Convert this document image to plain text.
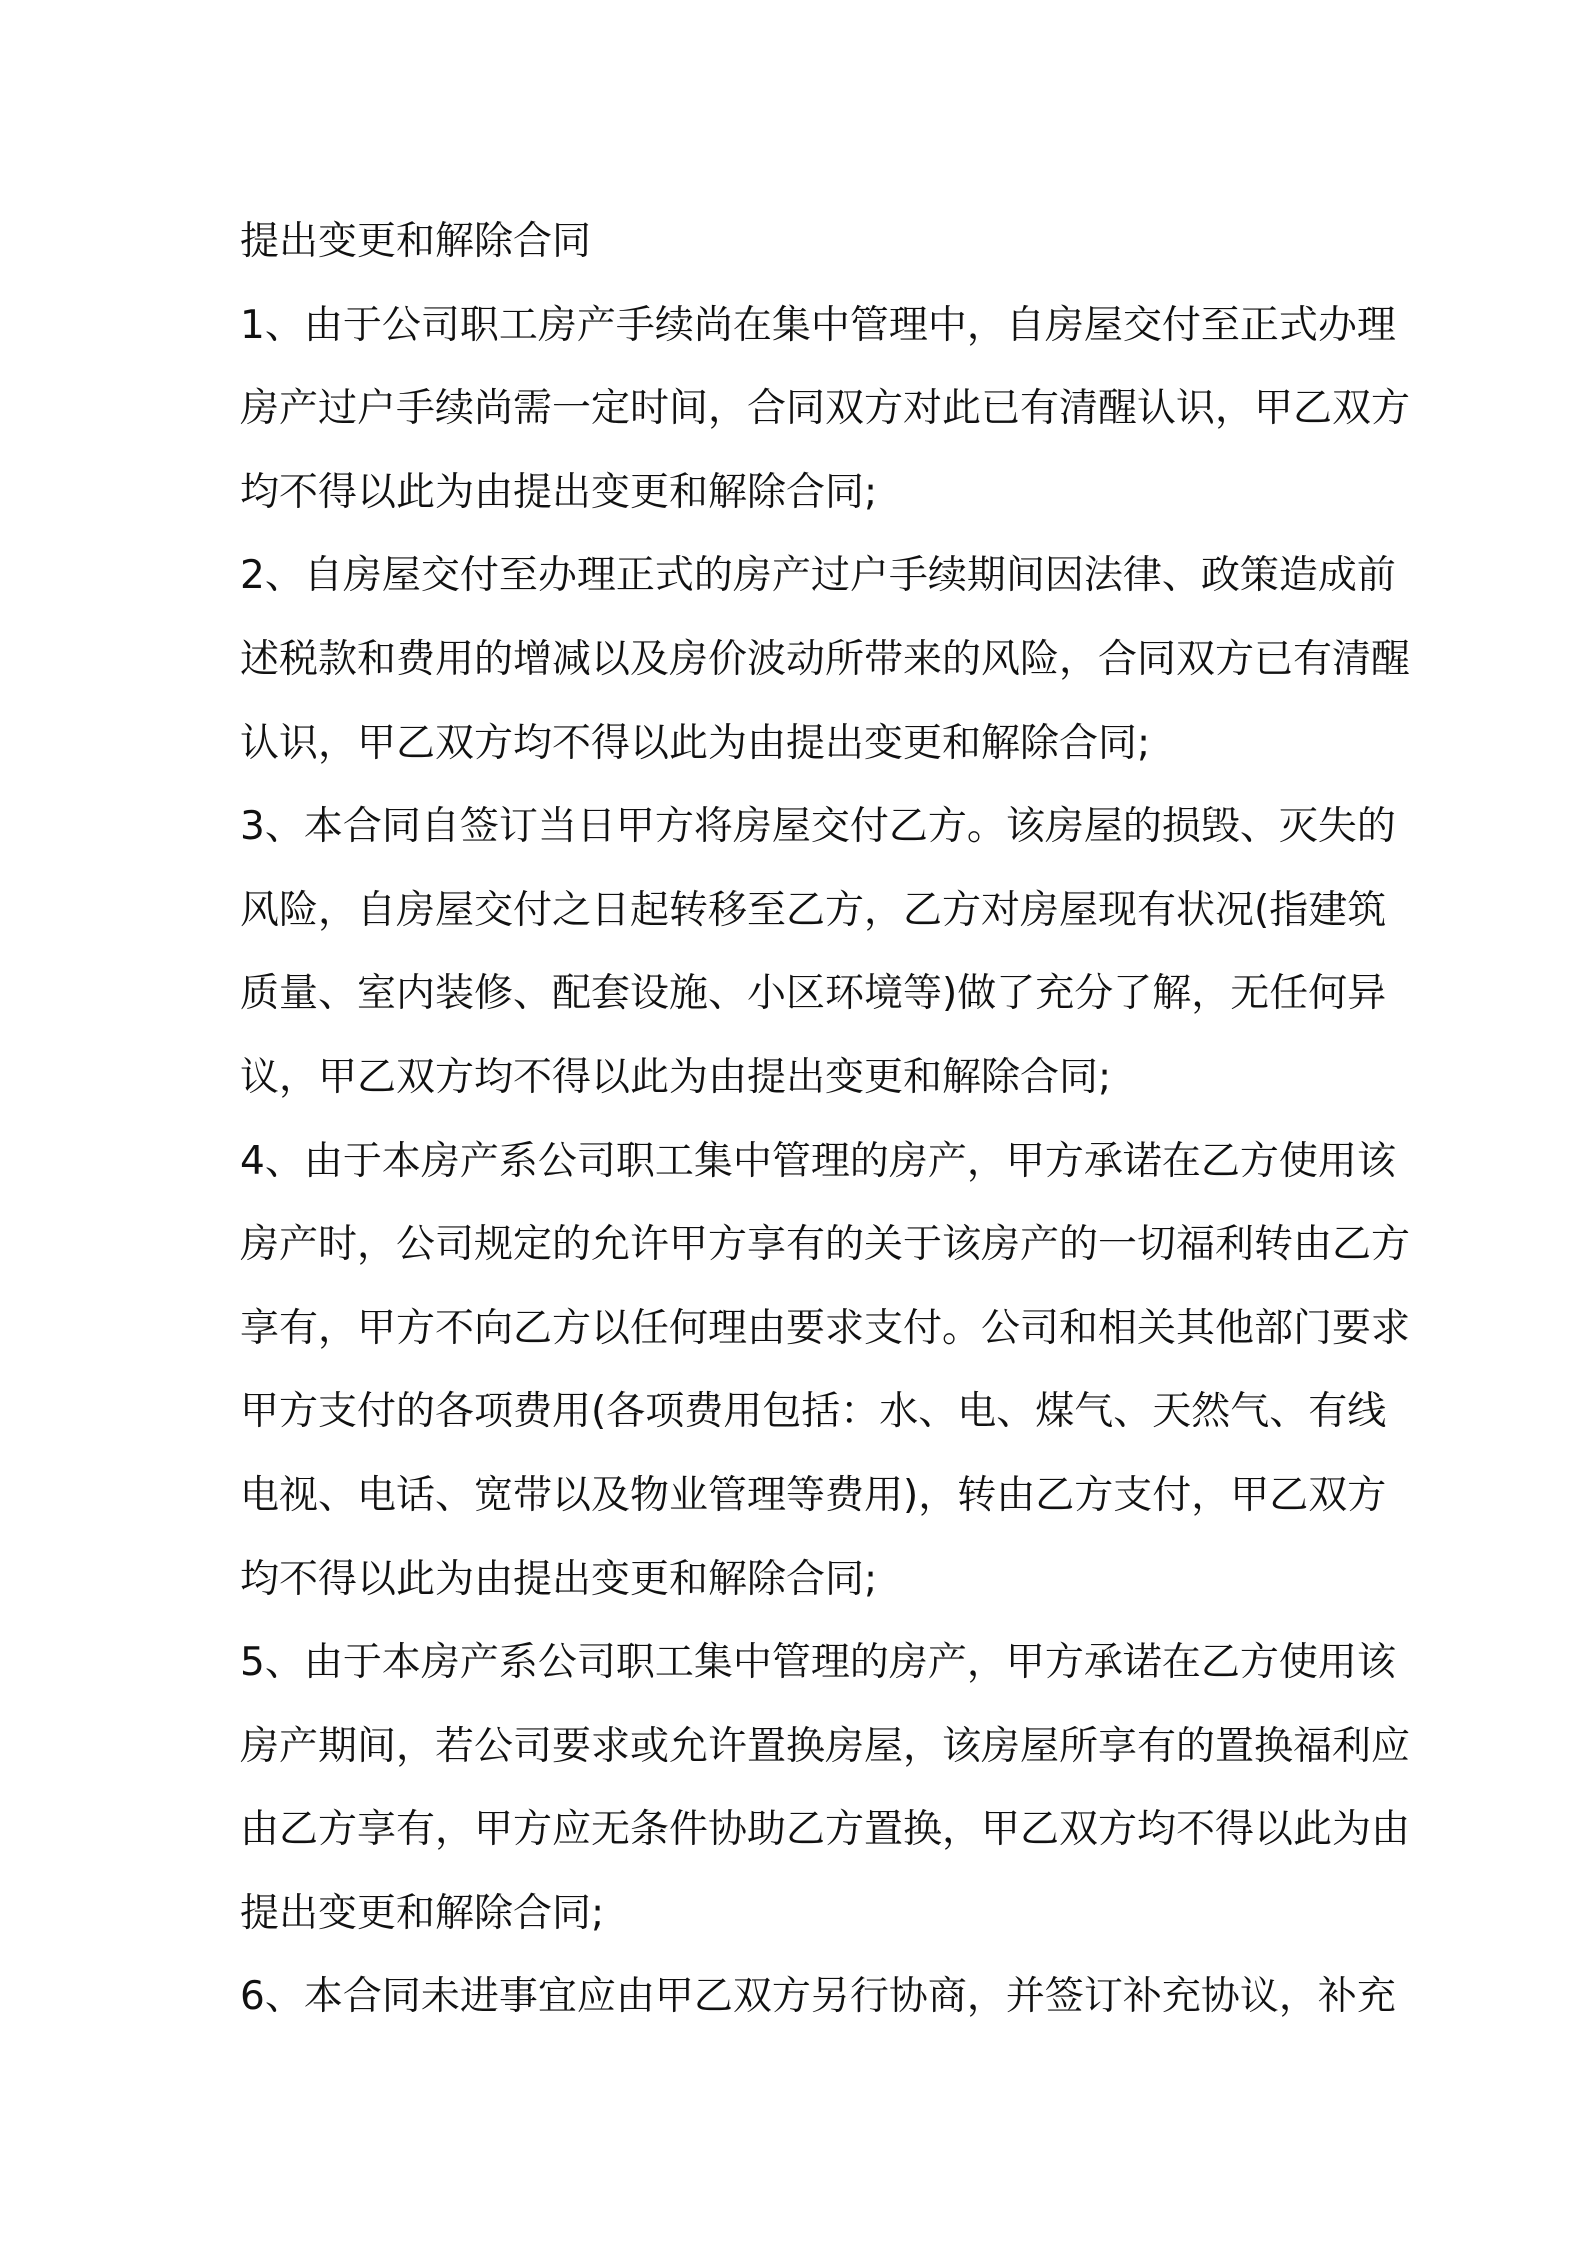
提出变更和解除合同
1、由于公司职工房产手续尚在集中管理中，自房屋交付至正式办理
房产过户手续尚需一定时间，合同双方对此已有清醒认识，甲乙双方
均不得以此为由提出变更和解除合同;
2、自房屋交付至办理正式的房产过户手续期间因法律、政策造成前
述税款和费用的增减以及房价波动所带来的风险，合同双方已有清醒
认识，甲乙双方均不得以此为由提出变更和解除合同;
3、本合同自签订当日甲方将房屋交付乙方。该房屋的损毁、灭失的
风险，自房屋交付之日起转移至乙方，乙方对房屋现有状况(指建筑
质量、室内装修、配套设施、小区环境等)做了充分了解，无任何异
议，甲乙双方均不得以此为由提出变更和解除合同;
4、由于本房产系公司职工集中管理的房产，甲方承诺在乙方使用该
房产时，公司规定的允许甲方享有的关于该房产的一切福利转由乙方
享有，甲方不向乙方以任何理由要求支付。公司和相关其他部门要求
甲方支付的各项费用(各项费用包括：水、电、煤气、天然气、有线
电视、电话、宽带以及物业管理等费用)，转由乙方支付，甲乙双方
均不得以此为由提出变更和解除合同;
5、由于本房产系公司职工集中管理的房产，甲方承诺在乙方使用该
房产期间，若公司要求或允许置换房屋，该房屋所享有的置换福利应
由乙方享有，甲方应无条件协助乙方置换，甲乙双方均不得以此为由
提出变更和解除合同;
6、本合同未进事宜应由甲乙双方另行协商，并签订补充协议，补充
